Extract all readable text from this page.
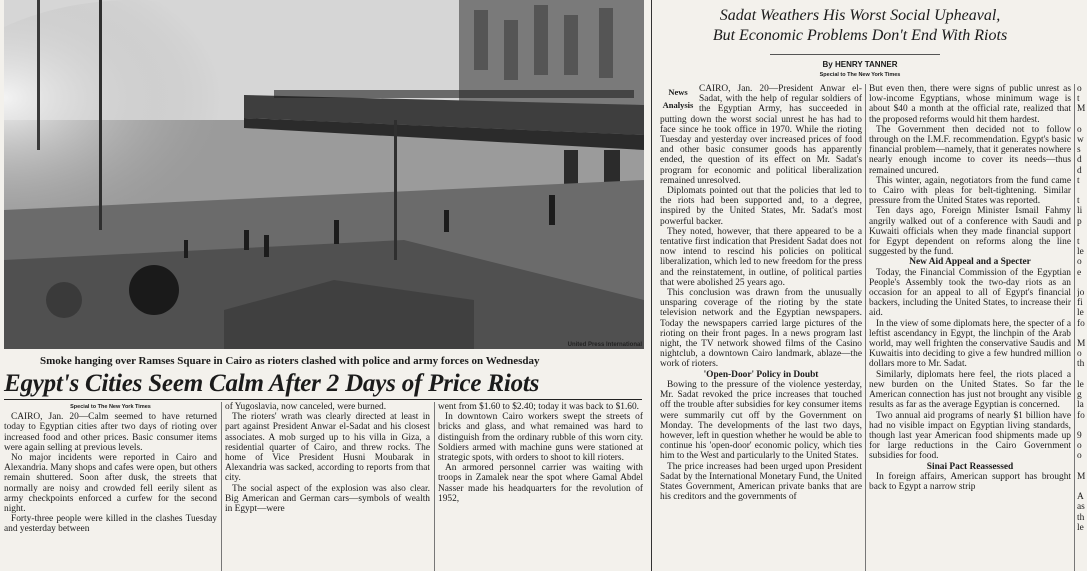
United Press International
Smoke hanging over Ramses Square in Cairo as rioters clashed with police and army forces on Wednesday
Egypt's Cities Seem Calm After 2 Days of Price Riots
Special to The New York Times

CAIRO, Jan. 20—Calm seemed to have returned today to Egyptian cities after two days of rioting over increased food and other prices. Basic consumer items were again selling at previous levels.

No major incidents were reported in Cairo and Alexandria. Many shops and cafes were open, but others remain shuttered. Soon after dusk, the streets that normally are noisy and crowded fell eerily silent as army checkpoints enforced a curfew for the second night.

Forty-three people were killed in the clashes Tuesday and yesterday between

of Yugoslavia, now canceled, were burned.

The rioters' wrath was clearly directed at least in part against President Anwar el-Sadat and his closest associates. A mob surged up to his villa in Giza, a residential quarter of Cairo, and threw rocks. The home of Vice President Husni Moubarak in Alexandria was sacked, according to reports from that city.

The social aspect of the explosion was also clear. Big American and German cars—symbols of wealth in Egypt—were

went from $1.60 to $2.40; today it was back to $1.60.

In downtown Cairo workers swept the streets of bricks and glass, and what remained was hard to distinguish from the ordinary rubble of this worn city. Soldiers armed with machine guns were stationed at strategic spots, with orders to shoot to kill rioters.

An armored personnel carrier was waiting with troops in Zamalek near the spot where Gamal Abdel Nasser made his headquarters for the revolution of 1952,

Sadat Weathers His Worst Social Upheaval,
But Economic Problems Don't End With Riots
By HENRY TANNER
Special to The New York Times
News
Analysis

CAIRO, Jan. 20—President Anwar el-Sadat, with the help of regular soldiers of the Egyptian Army, has succeeded in putting down the worst social unrest he has had to face since he took office in 1970. While the rioting Tuesday and yesterday over increased prices of food and other basic consumer goods has apparently ended, the question of its effect on Mr. Sadat's program for economic and political liberalization remained unresolved.

Diplomats pointed out that the policies that led to the riots had been supported and, to a degree, inspired by the United States, Mr. Sadat's most powerful backer.

They noted, however, that there appeared to be a tentative first indication that President Sadat does not now intend to rescind his policies on political liberalization, which led to new freedom for the press and the reinstatement, in outline, of political parties that were abolished 25 years ago.

This conclusion was drawn from the unusually unsparing coverage of the rioting by the state television network and the Egyptian newspapers. Today the newspapers carried large pictures of the rioting on their front pages. In a news program last night, the TV network showed films of the Casino nightclub, a downtown Cairo landmark, ablaze—the work of rioters.

'Open-Door' Policy in Doubt

Bowing to the pressure of the violence yesterday, Mr. Sadat revoked the price increases that touched off the trouble after subsidies for key consumer items were summarily cut off by the Government on Monday. The developments of the last two days, however, left in question whether he would be able to continue his 'open-door' economic policy, which ties him to the West and particularly to the United States.

The price increases had been urged upon President Sadat by the International Monetary Fund, the United States Government, American private banks that are his creditors and the governments of

But even then, there were signs of public unrest as low-income Egyptians, whose minimum wage is about $40 a month at the official rate, realized that the proposed reforms would hit them hardest.

The Government then decided not to follow through on the I.M.F. recommendation. Egypt's basic financial problem—namely, that it generates nowhere nearly enough income to cover its needs—thus remained uncured.

This winter, again, negotiators from the fund came to Cairo with pleas for belt-tightening. Similar pressure from the United States was reported.

Ten days ago, Foreign Minister Ismail Fahmy angrily walked out of a conference with Saudi and Kuwaiti officials when they made financial support for Egypt dependent on reforms along the line suggested by the fund.

New Aid Appeal and a Specter

Today, the Financial Commission of the Egyptian People's Assembly took the two-day riots as an occasion for an appeal to all of Egypt's financial backers, including the United States, to increase their aid.

In the view of some diplomats here, the specter of a leftist ascendancy in Egypt, the linchpin of the Arab world, may well frighten the conservative Saudis and Kuwaitis into deciding to give a few hundred million dollars more to Mr. Sadat.

Similarly, diplomats here feel, the riots placed a new burden on the United States. So far the American connection has just not brought any visible results as far as the average Egyptian is concerned.

Two annual aid programs of nearly $1 billion have had no visible impact on Egyptian living standards, though last year American food shipments made up for large reductions in the Cairo Government subsidies for food.

Sinai Pact Reassessed

In foreign affairs, American support has brought back to Egypt a narrow strip

o
t
M

o
w
s
d
d
t

t
li
p

t
le
o
e

jo
fi
le
fo

M
o
th

le
g
la
fo

9
o
o

M

A
as
th
le
